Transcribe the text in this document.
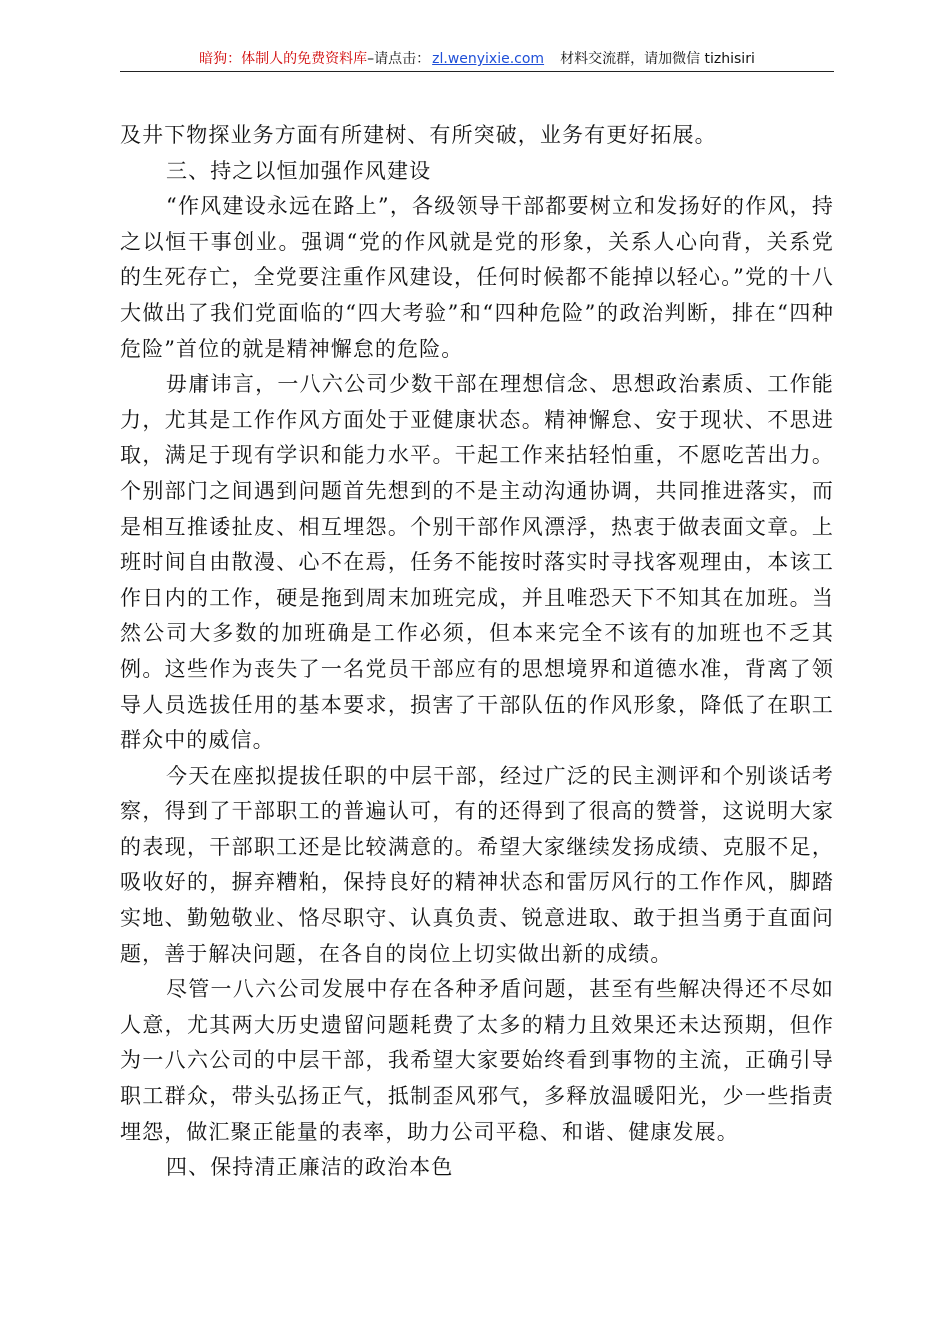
暗狗：体制人的免费资料库–请点击： zl.wenyixie.com 材料交流群，请加微信 tizhisiri

及井下物探业务方面有所建树、有所突破，业务有更好拓展。

三、持之以恒加强作风建设

“作风建设永远在路上”，各级领导干部都要树立和发扬好的作风，持之以恒干事创业。强调“党的作风就是党的形象，关系人心向背，关系党的生死存亡，全党要注重作风建设，任何时候都不能掉以轻心。”党的十八大做出了我们党面临的“四大考验”和“四种危险”的政治判断，排在“四种危险”首位的就是精神懈怠的危险。

毋庸讳言，一八六公司少数干部在理想信念、思想政治素质、工作能力，尤其是工作作风方面处于亚健康状态。精神懈怠、安于现状、不思进取，满足于现有学识和能力水平。干起工作来拈轻怕重，不愿吃苦出力。个别部门之间遇到问题首先想到的不是主动沟通协调，共同推进落实，而是相互推诿扯皮、相互埋怨。个别干部作风漂浮，热衷于做表面文章。上班时间自由散漫、心不在焉，任务不能按时落实时寻找客观理由，本该工作日内的工作，硬是拖到周末加班完成，并且唯恐天下不知其在加班。当然公司大多数的加班确是工作必须，但本来完全不该有的加班也不乏其例。这些作为丧失了一名党员干部应有的思想境界和道德水准，背离了领导人员选拔任用的基本要求，损害了干部队伍的作风形象，降低了在职工群众中的威信。

今天在座拟提拔任职的中层干部，经过广泛的民主测评和个别谈话考察，得到了干部职工的普遍认可，有的还得到了很高的赞誉，这说明大家的表现，干部职工还是比较满意的。希望大家继续发扬成绩、克服不足，吸收好的，摒弃糟粕，保持良好的精神状态和雷厉风行的工作作风，脚踏实地、勤勉敬业、恪尽职守、认真负责、锐意进取、敢于担当勇于直面问题，善于解决问题，在各自的岗位上切实做出新的成绩。

尽管一八六公司发展中存在各种矛盾问题，甚至有些解决得还不尽如人意，尤其两大历史遗留问题耗费了太多的精力且效果还未达预期，但作为一八六公司的中层干部，我希望大家要始终看到事物的主流，正确引导职工群众，带头弘扬正气，抵制歪风邪气，多释放温暖阳光，少一些指责埋怨，做汇聚正能量的表率，助力公司平稳、和谐、健康发展。

四、保持清正廉洁的政治本色
